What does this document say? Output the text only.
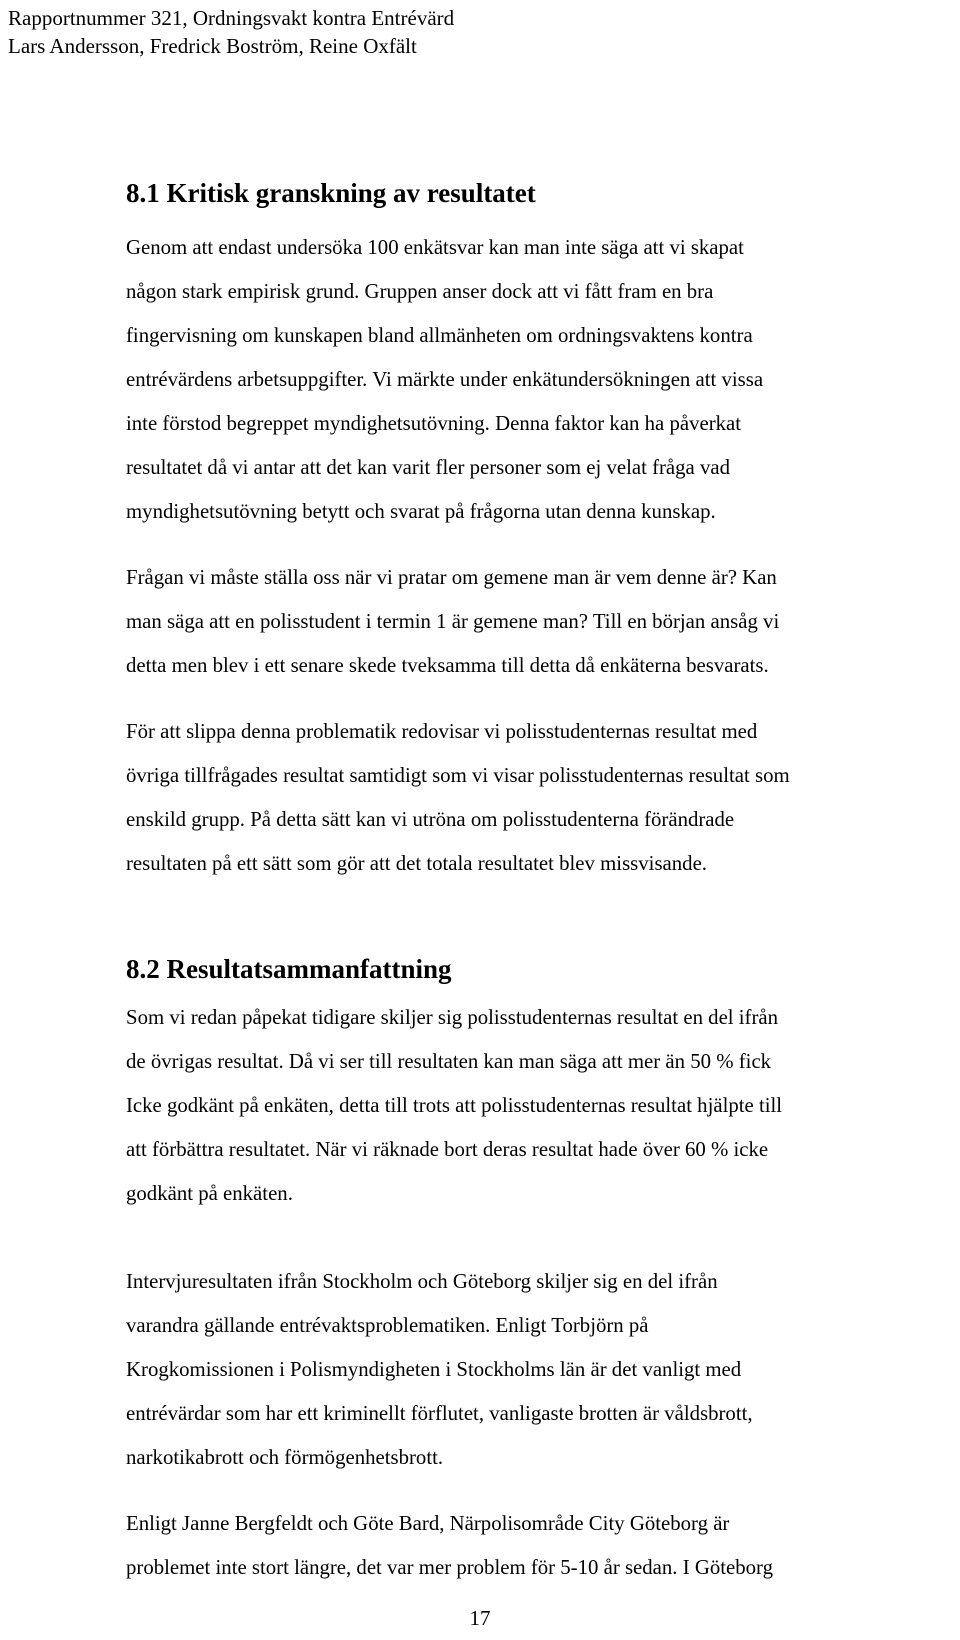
Rapportnummer 321, Ordningsvakt kontra Entrévärd
Lars Andersson, Fredrick Boström, Reine Oxfält
8.1 Kritisk granskning av resultatet
Genom att endast undersöka 100 enkätsvar kan man inte säga att vi skapat
någon stark empirisk grund. Gruppen anser dock att vi fått fram en bra
fingervisning om kunskapen bland allmänheten om ordningsvaktens kontra
entrévärdens arbetsuppgifter. Vi märkte under enkätundersökningen att vissa
inte förstod begreppet myndighetsutövning. Denna faktor kan ha påverkat
resultatet då vi antar att det kan varit fler personer som ej velat fråga vad
myndighetsutövning betytt och svarat på frågorna utan denna kunskap.
Frågan vi måste ställa oss när vi pratar om gemene man är vem denne är? Kan
man säga att en polisstudent i termin 1 är gemene man? Till en början ansåg vi
detta men blev i ett senare skede tveksamma till detta då enkäterna besvarats.
För att slippa denna problematik redovisar vi polisstudenternas resultat med
övriga tillfrågades resultat samtidigt som vi visar polisstudenternas resultat som
enskild grupp. På detta sätt kan vi utröna om polisstudenterna förändrade
resultaten på ett sätt som gör att det totala resultatet blev missvisande.
8.2 Resultatsammanfattning
Som vi redan påpekat tidigare skiljer sig polisstudenternas resultat en del ifrån
de övrigas resultat. Då vi ser till resultaten kan man säga att mer än 50 % fick
Icke godkänt på enkäten, detta till trots att polisstudenternas resultat hjälpte till
att förbättra resultatet. När vi räknade bort deras resultat hade över 60 % icke
godkänt på enkäten.
Intervjuresultaten ifrån Stockholm och Göteborg skiljer sig en del ifrån
varandra gällande entrévaktsproblematiken. Enligt Torbjörn på
Krogkomissionen i Polismyndigheten i Stockholms län är det vanligt med
entrévärdar som har ett kriminellt förflutet, vanligaste brotten är våldsbrott,
narkotikabrott och förmögenhetsbrott.
Enligt Janne Bergfeldt och Göte Bard, Närpolisområde City Göteborg är
problemet inte stort längre, det var mer problem för 5-10 år sedan. I Göteborg
17
